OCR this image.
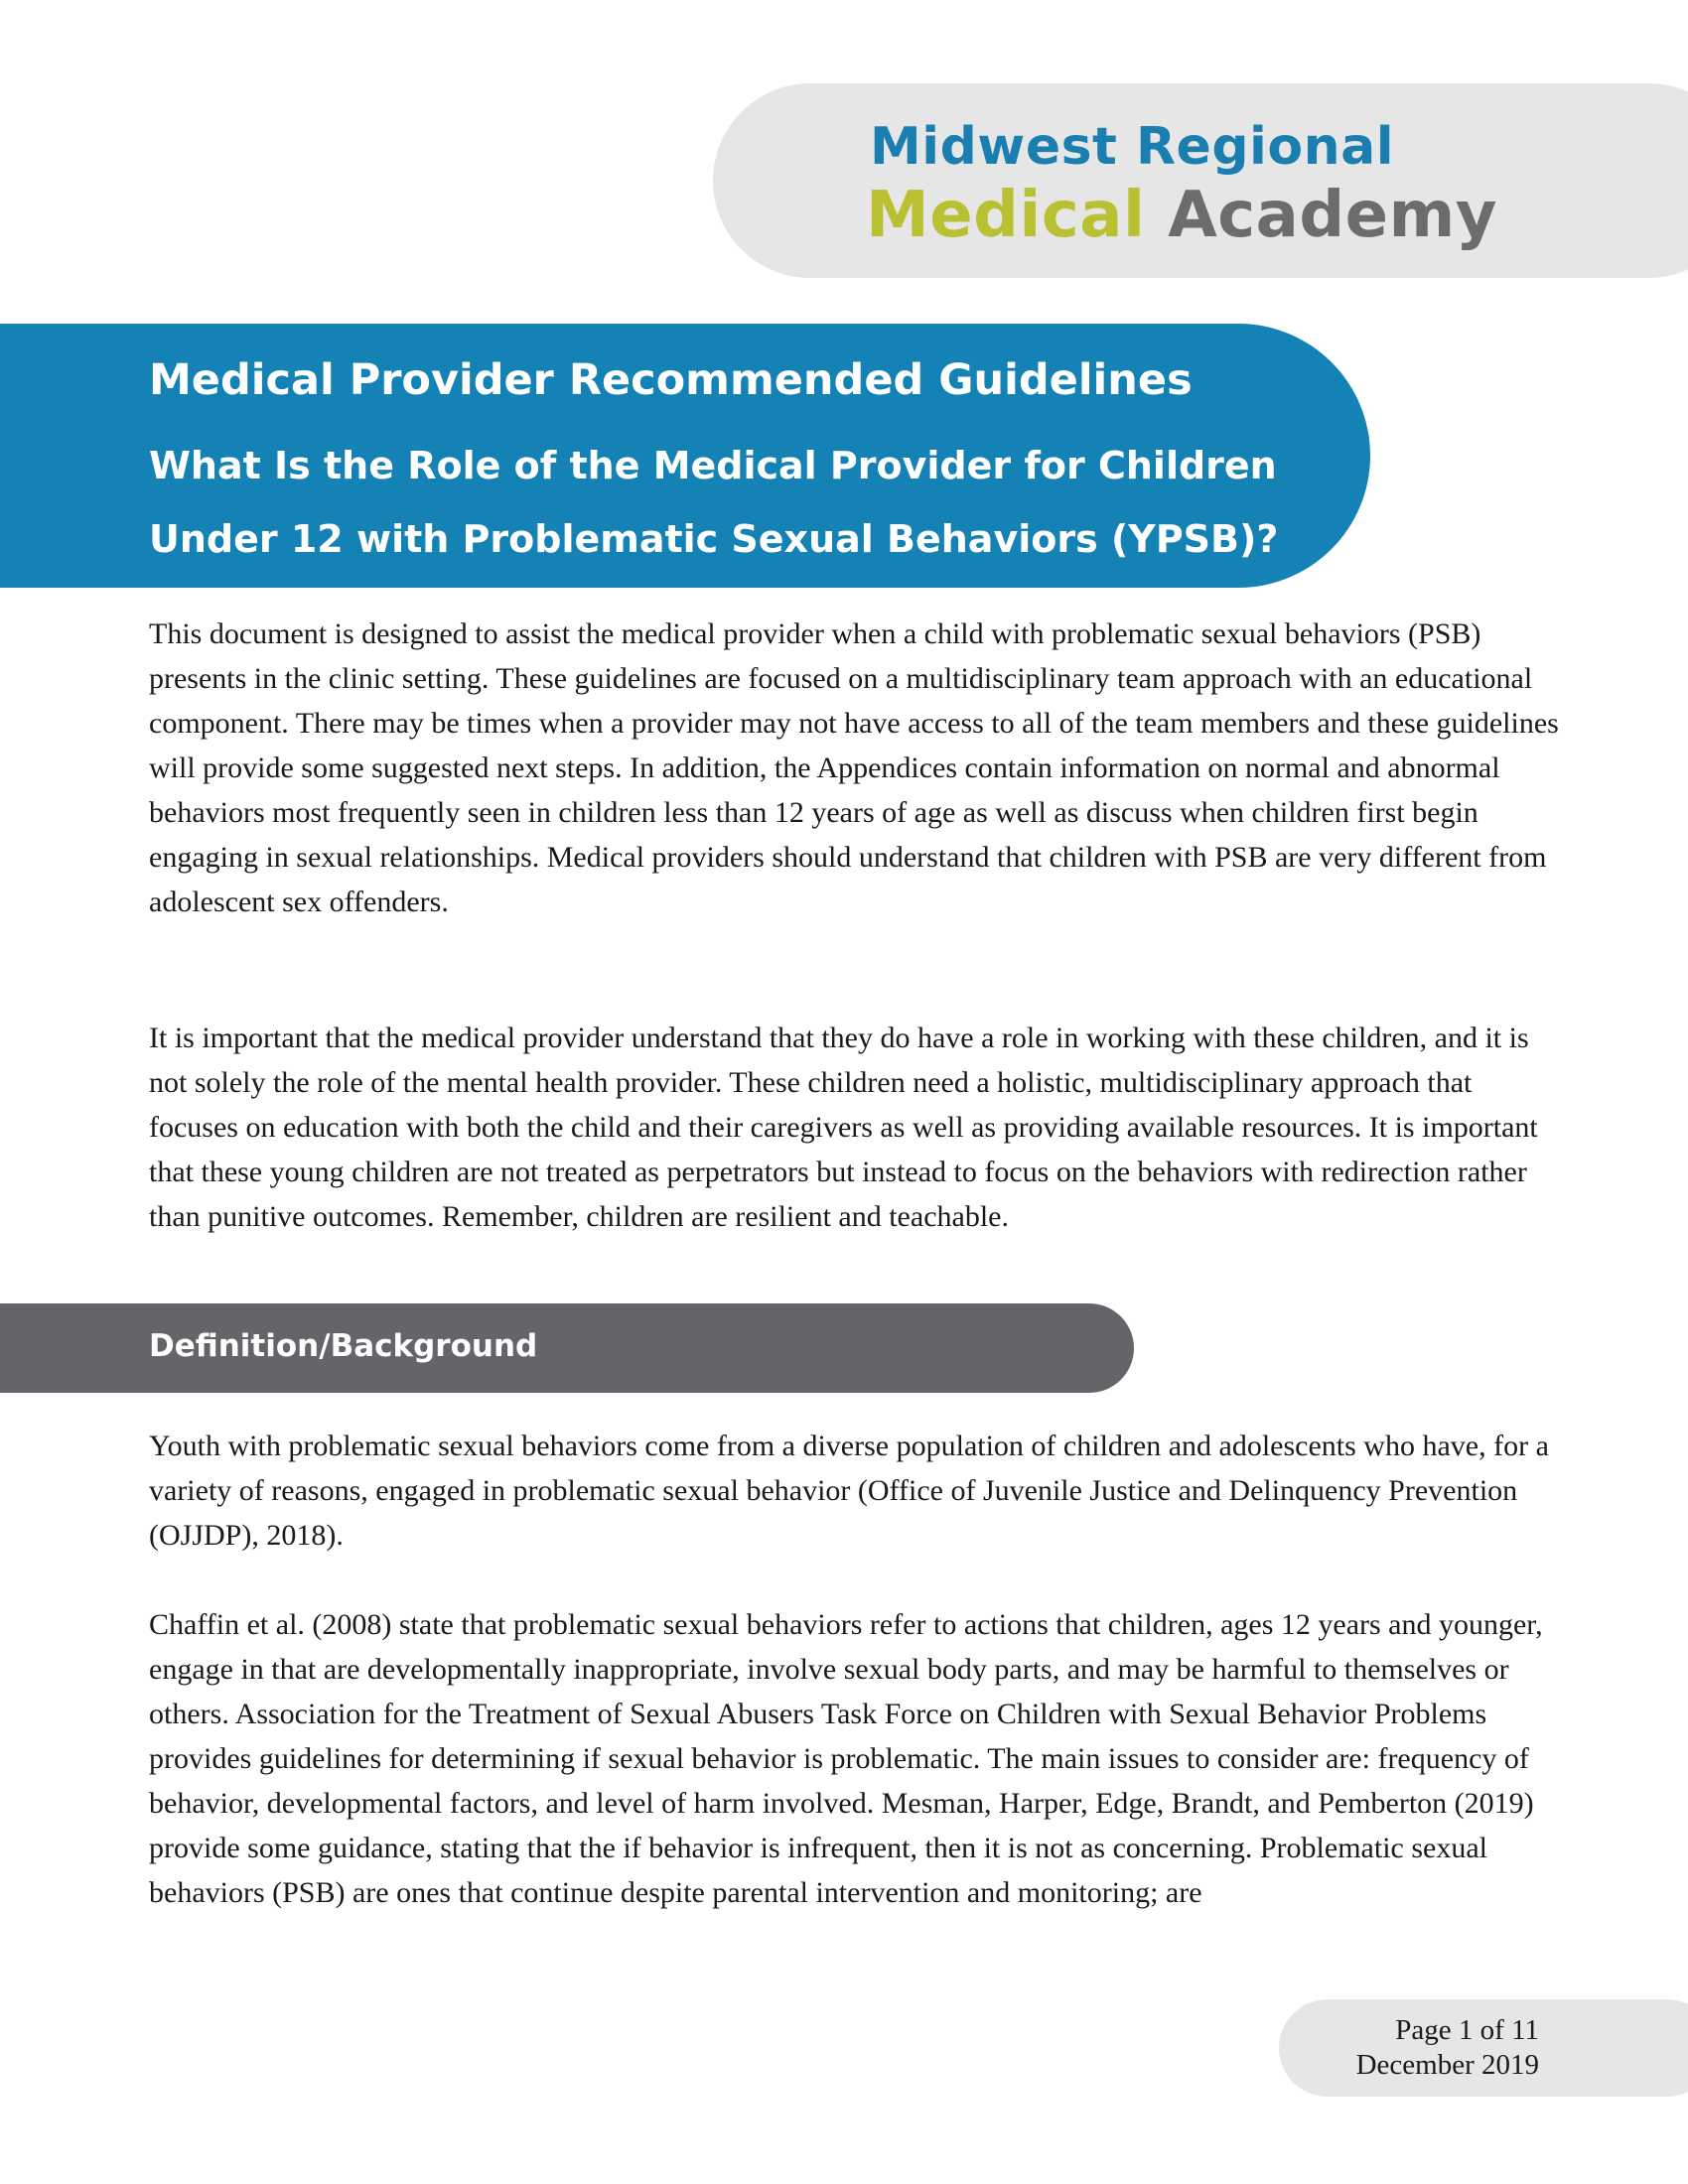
Midwest Regional
Medical Academy
Medical Provider Recommended Guidelines
What Is the Role of the Medical Provider for Children Under 12 with Problematic Sexual Behaviors (YPSB)?
This document is designed to assist the medical provider when a child with problematic sexual behaviors (PSB) presents in the clinic setting. These guidelines are focused on a multidisciplinary team approach with an educational component. There may be times when a provider may not have access to all of the team members and these guidelines will provide some suggested next steps. In addition, the Appendices contain information on normal and abnormal behaviors most frequently seen in children less than 12 years of age as well as discuss when children first begin engaging in sexual relationships. Medical providers should understand that children with PSB are very different from adolescent sex offenders.
It is important that the medical provider understand that they do have a role in working with these children, and it is not solely the role of the mental health provider. These children need a holistic, multidisciplinary approach that focuses on education with both the child and their caregivers as well as providing available resources. It is important that these young children are not treated as perpetrators but instead to focus on the behaviors with redirection rather than punitive outcomes. Remember, children are resilient and teachable.
Definition/Background
Youth with problematic sexual behaviors come from a diverse population of children and adolescents who have, for a variety of reasons, engaged in problematic sexual behavior (Office of Juvenile Justice and Delinquency Prevention (OJJDP), 2018).
Chaffin et al. (2008) state that problematic sexual behaviors refer to actions that children, ages 12 years and younger, engage in that are developmentally inappropriate, involve sexual body parts, and may be harmful to themselves or others. Association for the Treatment of Sexual Abusers Task Force on Children with Sexual Behavior Problems provides guidelines for determining if sexual behavior is problematic. The main issues to consider are: frequency of behavior, developmental factors, and level of harm involved. Mesman, Harper, Edge, Brandt, and Pemberton (2019) provide some guidance, stating that the if behavior is infrequent, then it is not as concerning. Problematic sexual behaviors (PSB) are ones that continue despite parental intervention and monitoring; are
Page 1 of 11
December 2019
